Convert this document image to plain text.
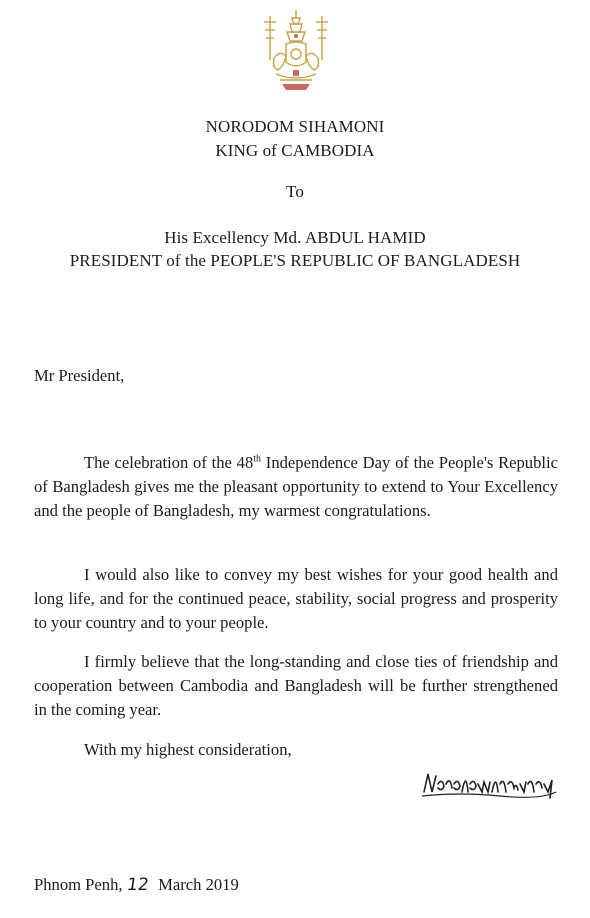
NORODOM SIHAMONI
KING of CAMBODIA
To
His Excellency Md. ABDUL HAMID
PRESIDENT of the PEOPLE'S REPUBLIC OF BANGLADESH
Mr President,
The celebration of the 48th Independence Day of the People's Republic of Bangladesh gives me the pleasant opportunity to extend to Your Excellency and the people of Bangladesh, my warmest congratulations.
I would also like to convey my best wishes for your good health and long life, and for the continued peace, stability, social progress and prosperity to your country and to your people.
I firmly believe that the long-standing and close ties of friendship and cooperation between Cambodia and Bangladesh will be further strengthened in the coming year.
With my highest consideration,
Phnom Penh, 12 March 2019
